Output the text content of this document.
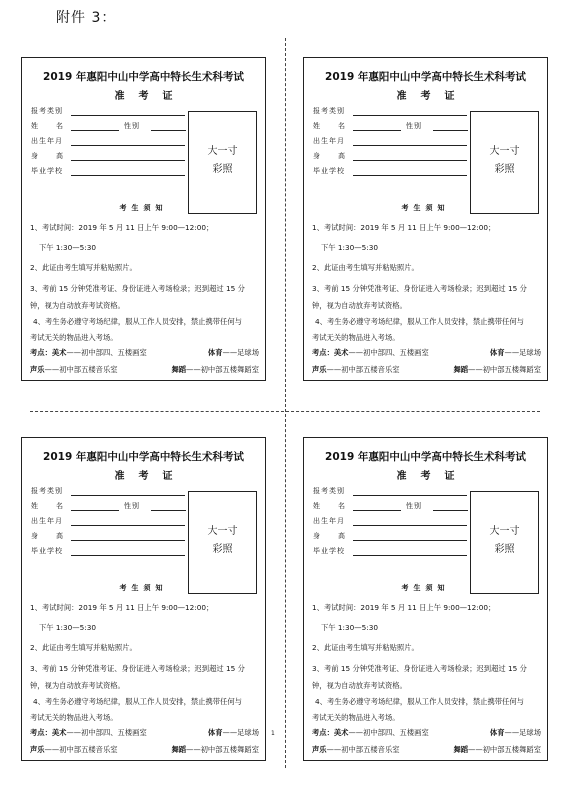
附件 3：
1
2019 年惠阳中山中学高中特长生术科考试
准考证
报考类别
姓名	性别
出生年月
身高
毕业学校
大一寸
彩照
考生须知
1、考试时间：2019 年 5 月 11 日上午 9:00—12:00；
下午 1:30—5:30
2、此证由考生填写并粘贴照片。
3、考前 15 分钟凭准考证、身份证进入考场检录；迟到超过 15 分
钟，视为自动放弃考试资格。
4、考生务必遵守考场纪律，服从工作人员安排，禁止携带任何与
考试无关的物品进入考场。
考点：美术——初中部四、五楼画室	体育——足球场
声乐——初中部五楼音乐室	舞蹈——初中部五楼舞蹈室
2019 年惠阳中山中学高中特长生术科考试
准考证
报考类别
姓名	性别
出生年月
身高
毕业学校
大一寸
彩照
考生须知
1、考试时间：2019 年 5 月 11 日上午 9:00—12:00；
下午 1:30—5:30
2、此证由考生填写并粘贴照片。
3、考前 15 分钟凭准考证、身份证进入考场检录；迟到超过 15 分
钟，视为自动放弃考试资格。
4、考生务必遵守考场纪律，服从工作人员安排，禁止携带任何与
考试无关的物品进入考场。
考点：美术——初中部四、五楼画室	体育——足球场
声乐——初中部五楼音乐室	舞蹈——初中部五楼舞蹈室
2019 年惠阳中山中学高中特长生术科考试
准考证
报考类别
姓名	性别
出生年月
身高
毕业学校
大一寸
彩照
考生须知
1、考试时间：2019 年 5 月 11 日上午 9:00—12:00；
下午 1:30—5:30
2、此证由考生填写并粘贴照片。
3、考前 15 分钟凭准考证、身份证进入考场检录；迟到超过 15 分
钟，视为自动放弃考试资格。
4、考生务必遵守考场纪律，服从工作人员安排，禁止携带任何与
考试无关的物品进入考场。
考点：美术——初中部四、五楼画室	体育——足球场
声乐——初中部五楼音乐室	舞蹈——初中部五楼舞蹈室
2019 年惠阳中山中学高中特长生术科考试
准考证
报考类别
姓名	性别
出生年月
身高
毕业学校
大一寸
彩照
考生须知
1、考试时间：2019 年 5 月 11 日上午 9:00—12:00；
下午 1:30—5:30
2、此证由考生填写并粘贴照片。
3、考前 15 分钟凭准考证、身份证进入考场检录；迟到超过 15 分
钟，视为自动放弃考试资格。
4、考生务必遵守考场纪律，服从工作人员安排，禁止携带任何与
考试无关的物品进入考场。
考点：美术——初中部四、五楼画室	体育——足球场
声乐——初中部五楼音乐室	舞蹈——初中部五楼舞蹈室
